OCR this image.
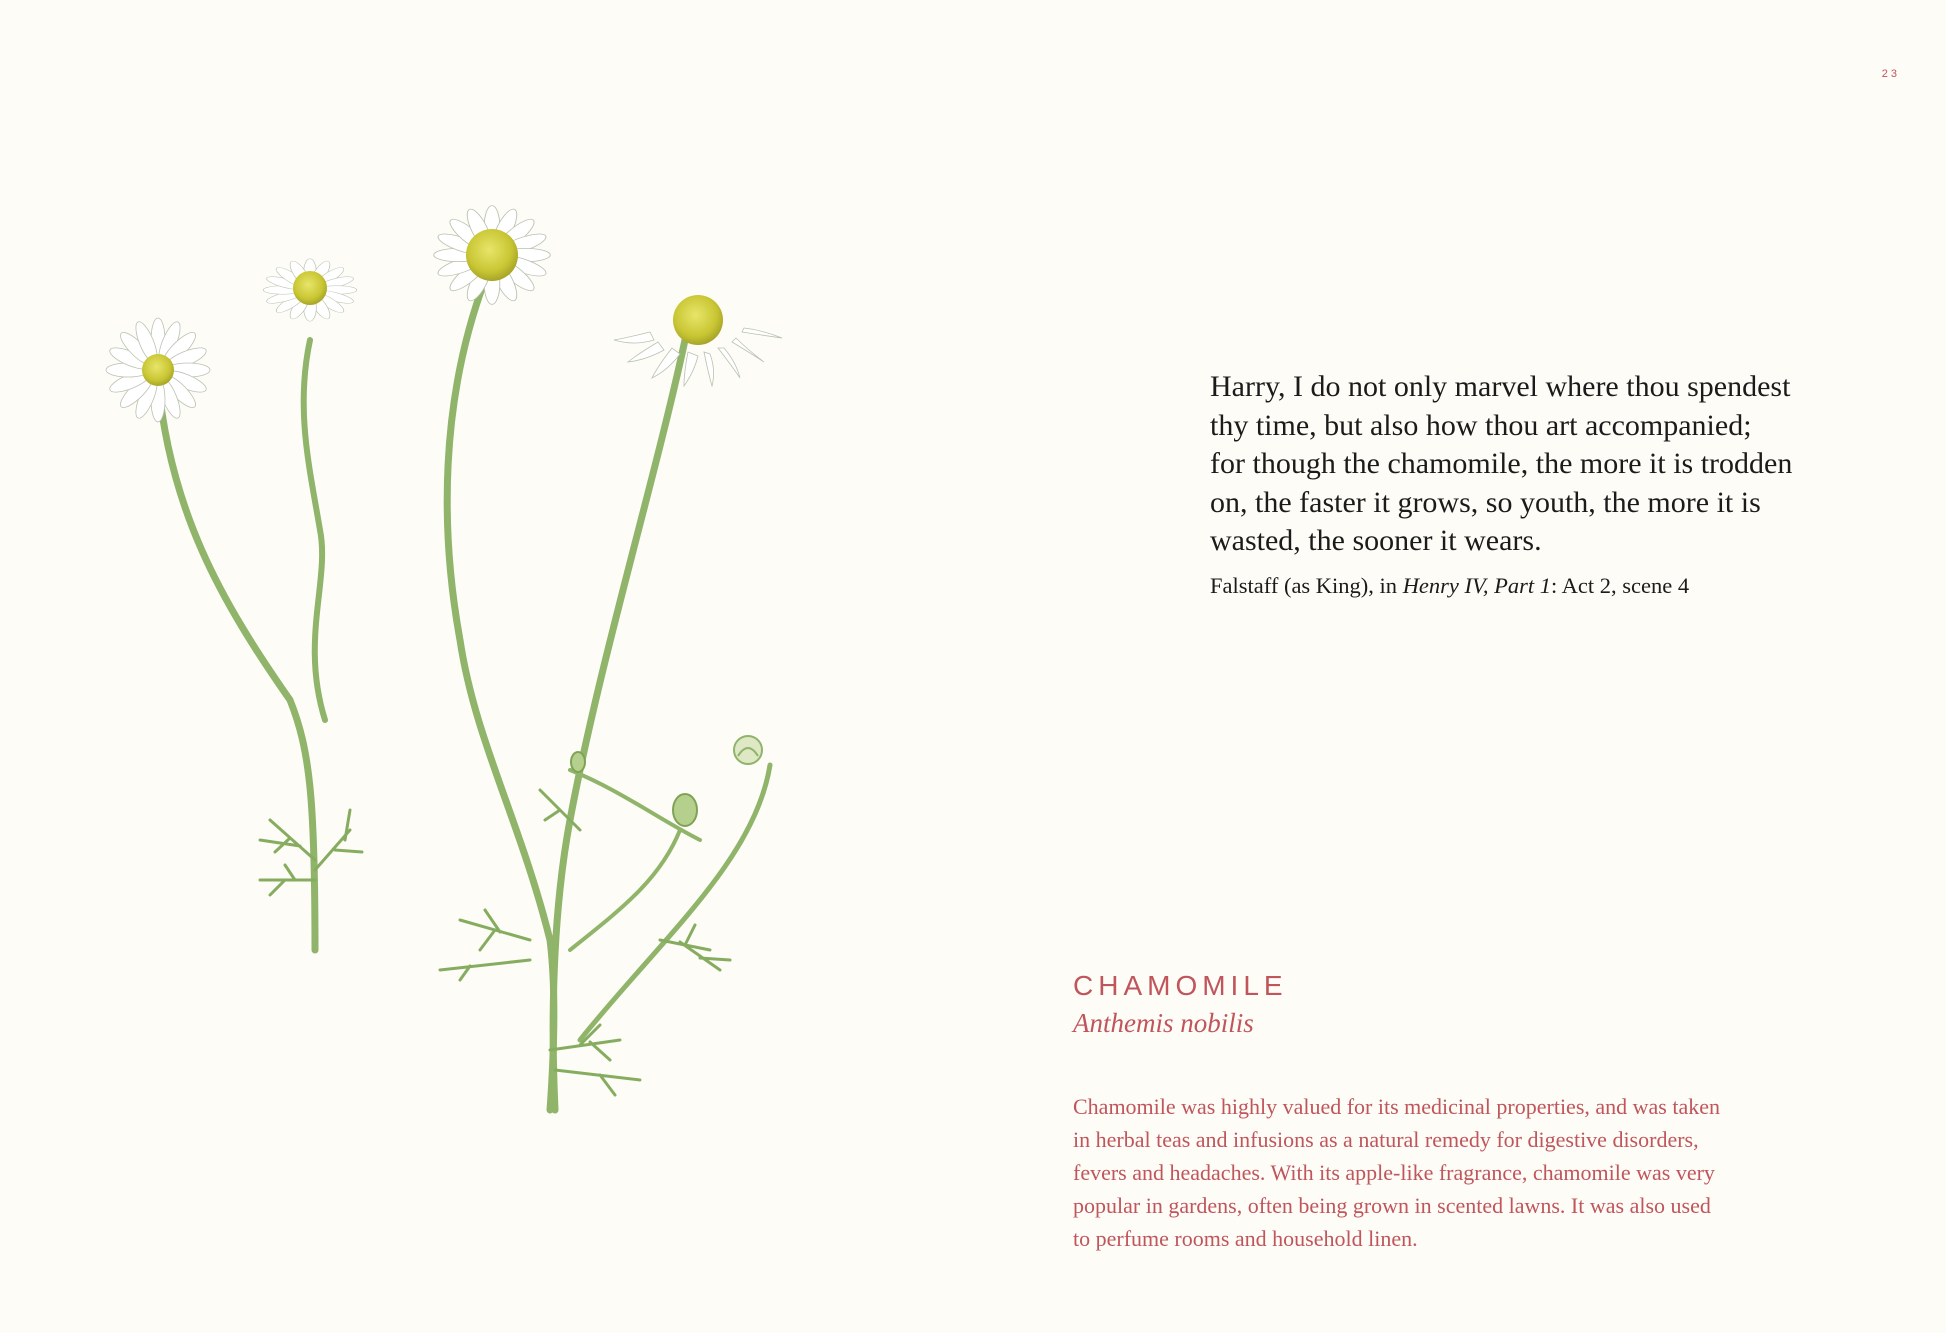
23

Harry, I do not only marvel where thou spendest
thy time, but also how thou art accompanied;
for though the chamomile, the more it is trodden
on, the faster it grows, so youth, the more it is
wasted, the sooner it wears.

Falstaff (as King), in Henry IV, Part 1: Act 2, scene 4
CHAMOMILE
Anthemis nobilis
Chamomile was highly valued for its medicinal properties, and was taken
in herbal teas and infusions as a natural remedy for digestive disorders,
fevers and headaches. With its apple-like fragrance, chamomile was very
popular in gardens, often being grown in scented lawns. It was also used
to perfume rooms and household linen.
